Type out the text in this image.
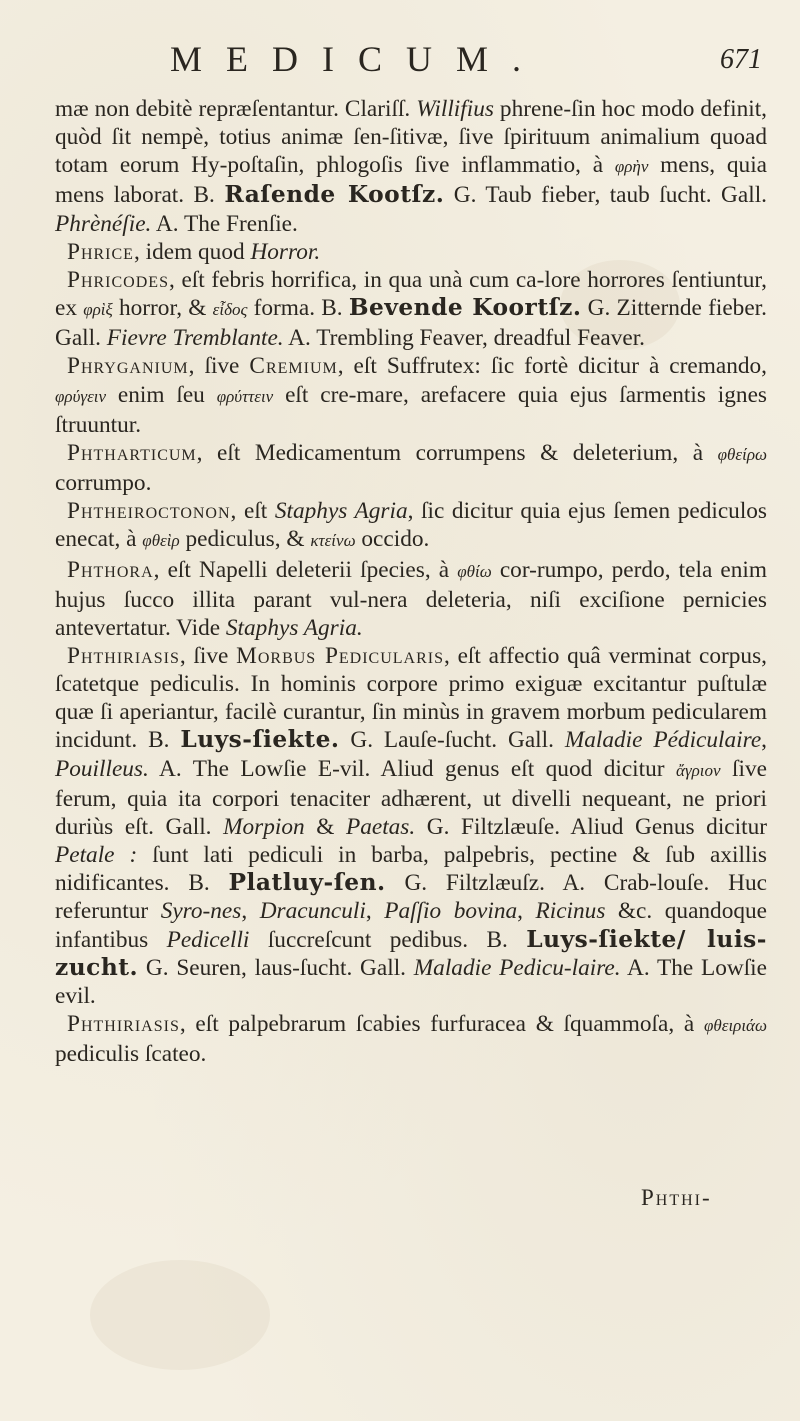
MEDICUM.	671

mæ non debitè repræſentantur. Clariſſ. Willifius phrene-ſin hoc modo definit, quòd ſit nempè, totius animæ ſen-ſitivæ, ſive ſpirituum animalium quoad totam eorum Hy-poſtaſin, phlogoſis ſive inflammatio, à φρὴν mens, quia mens laborat. B. Raſende Kootſz. G. Taub fieber, taub ſucht. Gall. Phrènéſie. A. The Frenſie.

Phrice, idem quod Horror.

Phricodes, eſt febris horrifica, in qua unà cum ca-lore horrores ſentiuntur, ex φρὶξ horror, & εἶδος forma. B. Bevende Koortſz. G. Zitternde fieber. Gall. Fievre Tremblante. A. Trembling Feaver, dreadful Feaver.

Phryganium, ſive Cremium, eſt Suffrutex: ſic fortè dicitur à cremando, φρύγειν enim ſeu φρύττειν eſt cre-mare, arefacere quia ejus ſarmentis ignes ſtruuntur.

Phtharticum, eſt Medicamentum corrumpens & deleterium, à φθείρω corrumpo.

Phtheiroctonon, eſt Staphys Agria, ſic dicitur quia ejus ſemen pediculos enecat, à φθεὶρ pediculus, & κτείνω occido.

Phthora, eſt Napelli deleterii ſpecies, à φθίω cor-rumpo, perdo, tela enim hujus ſucco illita parant vul-nera deleteria, niſi exciſione pernicies antevertatur. Vide Staphys Agria.

Phthiriasis, ſive Morbus Pedicularis, eſt affectio quâ verminat corpus, ſcatetque pediculis. In hominis corpore primo exiguæ excitantur puſtulæ quæ ſi aperiantur, facilè curantur, ſin minùs in gravem morbum pedicularem incidunt. B. Luys-ſiekte. G. Lauſe-ſucht. Gall. Maladie Pédiculaire, Pouilleus. A. The Lowſie E-vil. Aliud genus eſt quod dicitur ἄγριον ſive ferum, quia ita corpori tenaciter adhærent, ut divelli nequeant, ne priori duriùs eſt. Gall. Morpion & Paetas. G. Filtzlæuſe. Aliud Genus dicitur Petale : ſunt lati pediculi in barba, palpebris, pectine & ſub axillis nidificantes. B. Platluy-ſen. G. Filtzlæuſz. A. Crab-louſe. Huc referuntur Syro-nes, Dracunculi, Paſſio bovina, Ricinus &c. quandoque infantibus Pedicelli ſuccreſcunt pedibus. B. Luys-ſiekte/ luis-zucht. G. Seuren, laus-ſucht. Gall. Maladie Pedicu-laire. A. The Lowſie evil.

Phthiriasis, eſt palpebrarum ſcabies furfuracea & ſquammoſa, à φθειριάω pediculis ſcateo.

Phthi-
